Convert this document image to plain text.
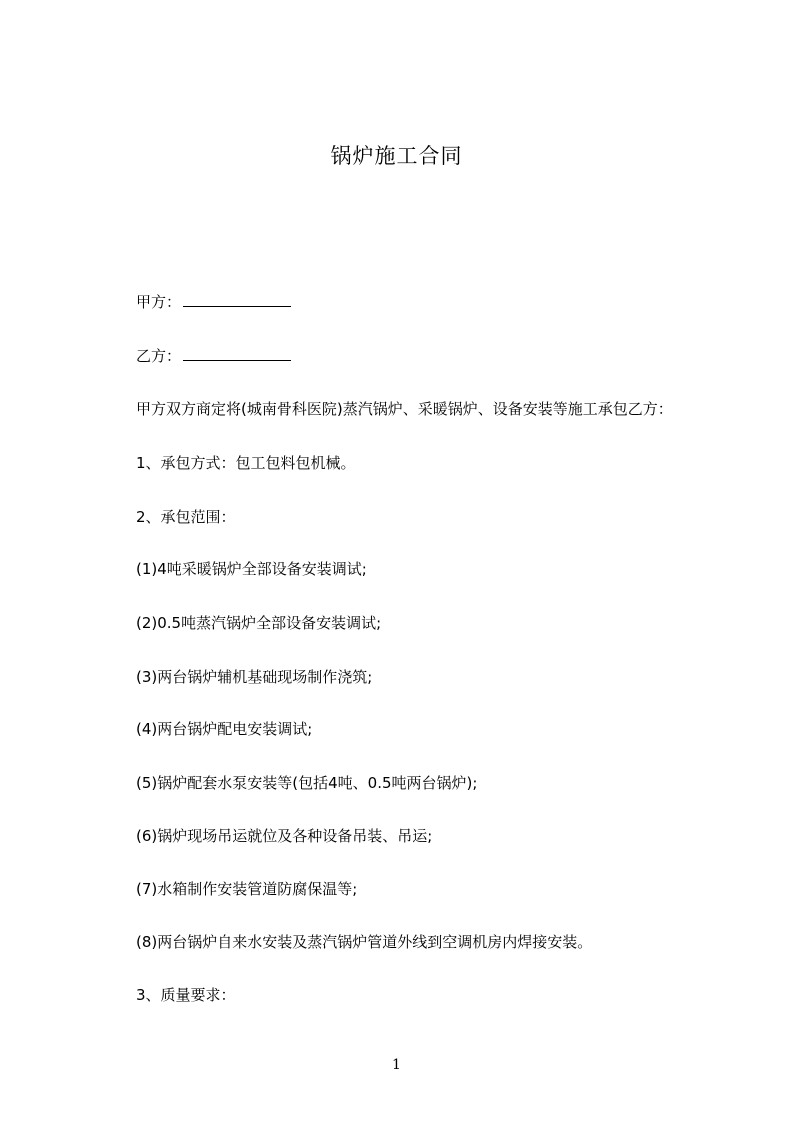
锅炉施工合同
甲方：
乙方：
甲方双方商定将(城南骨科医院)蒸汽锅炉、采暖锅炉、设备安装等施工承包乙方：
1、承包方式：包工包料包机械。
2、承包范围：
(1)4吨采暖锅炉全部设备安装调试;
(2)0.5吨蒸汽锅炉全部设备安装调试;
(3)两台锅炉辅机基础现场制作浇筑;
(4)两台锅炉配电安装调试;
(5)锅炉配套水泵安装等(包括4吨、0.5吨两台锅炉);
(6)锅炉现场吊运就位及各种设备吊装、吊运;
(7)水箱制作安装管道防腐保温等;
(8)两台锅炉自来水安装及蒸汽锅炉管道外线到空调机房内焊接安装。
3、质量要求：
1
